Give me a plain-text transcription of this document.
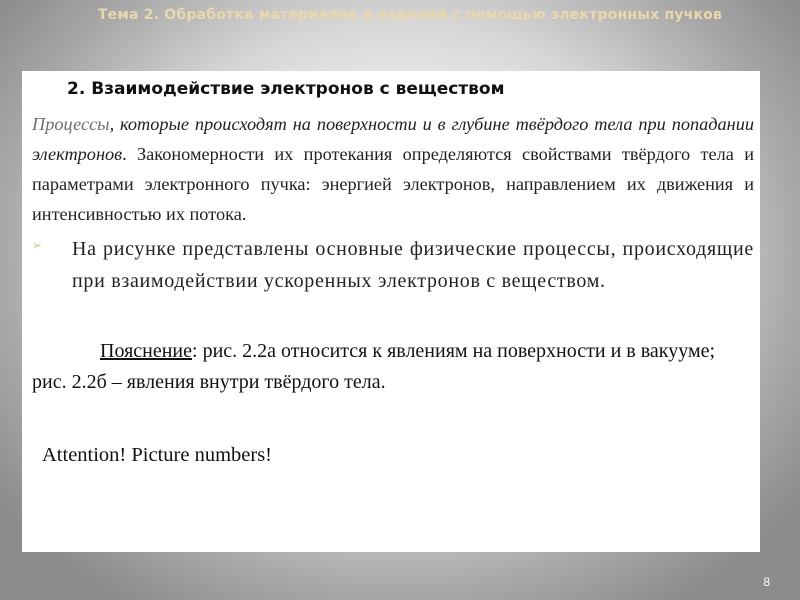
Тема 2. Обработка материалов и изделий с помощью электронных пучков
2. Взаимодействие электронов с веществом

Процессы, которые происходят на поверхности и в глубине твёрдого тела при попадании электронов. Закономерности их протекания определяются свойствами твёрдого тела и параметрами электронного пучка: энергией электронов, направлением их движения и интенсивностью их потока.

➢ На рисунке представлены основные физические процессы, происходящие при взаимодействии ускоренных электронов с веществом.

Пояснение: рис. 2.2а относится к явлениям на поверхности и в вакууме; рис. 2.2б – явления внутри твёрдого тела.

Attention! Picture numbers!

8
